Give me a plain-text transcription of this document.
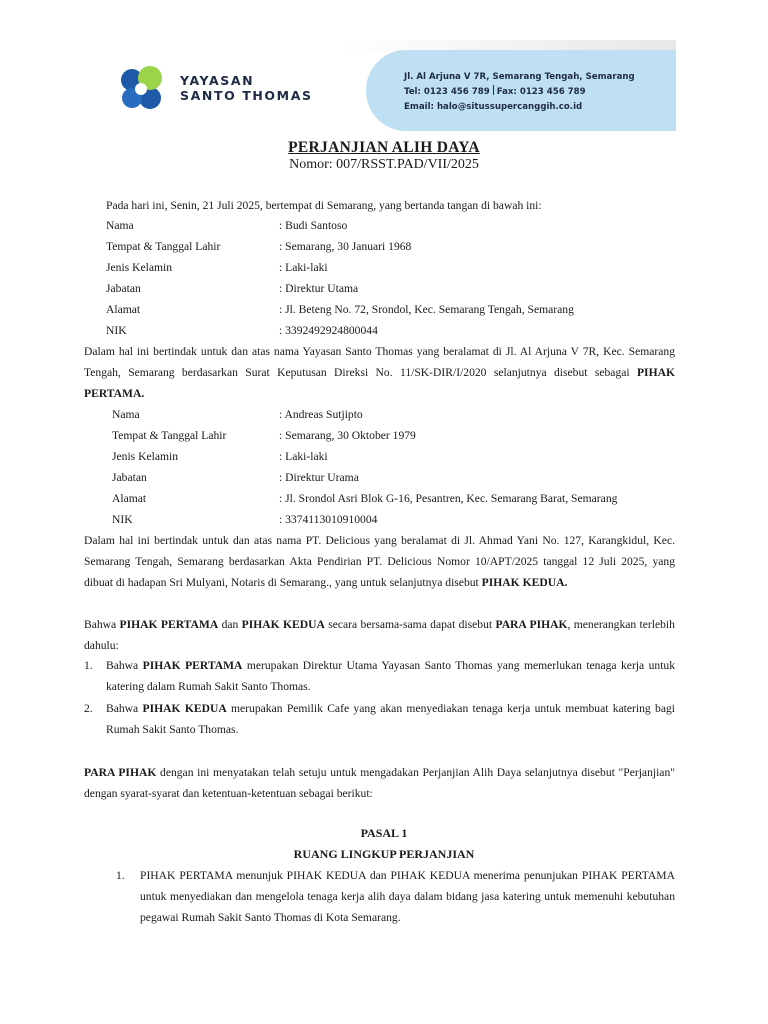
YAYASAN
SANTO THOMAS
Jl. Al Arjuna V 7R, Semarang Tengah, Semarang
Tel: 0123 456 789 Fax: 0123 456 789
Email: halo@situssupercanggih.co.id
PERJANJIAN ALIH DAYA
Nomor: 007/RSST.PAD/VII/2025
Pada hari ini, Senin, 21 Juli 2025, bertempat di Semarang, yang bertanda tangan di bawah ini:
Nama	: Budi Santoso
Tempat & Tanggal Lahir	: Semarang, 30 Januari 1968
Jenis Kelamin	: Laki-laki
Jabatan	: Direktur Utama
Alamat	: Jl. Beteng No. 72, Srondol, Kec. Semarang Tengah, Semarang
NIK	: 3392492924800044
Dalam hal ini bertindak untuk dan atas nama Yayasan Santo Thomas yang beralamat di Jl. Al Arjuna V 7R, Kec. Semarang Tengah, Semarang berdasarkan Surat Keputusan Direksi No. 11/SK-DIR/I/2020 selanjutnya disebut sebagai PIHAK PERTAMA.
Nama	: Andreas Sutjipto
Tempat & Tanggal Lahir	: Semarang, 30 Oktober 1979
Jenis Kelamin	: Laki-laki
Jabatan	: Direktur Urama
Alamat	: Jl. Srondol Asri Blok G-16, Pesantren, Kec. Semarang Barat, Semarang
NIK	: 3374113010910004
Dalam hal ini bertindak untuk dan atas nama PT. Delicious yang beralamat di Jl. Ahmad Yani No. 127, Karangkidul, Kec. Semarang Tengah, Semarang berdasarkan Akta Pendirian PT. Delicious Nomor 10/APT/2025 tanggal 12 Juli 2025, yang dibuat di hadapan Sri Mulyani, Notaris di Semarang., yang untuk selanjutnya disebut PIHAK KEDUA.
Bahwa PIHAK PERTAMA dan PIHAK KEDUA secara bersama-sama dapat disebut PARA PIHAK, menerangkan terlebih dahulu:
1. Bahwa PIHAK PERTAMA merupakan Direktur Utama Yayasan Santo Thomas yang memerlukan tenaga kerja untuk katering dalam Rumah Sakit Santo Thomas.
2. Bahwa PIHAK KEDUA merupakan Pemilik Cafe yang akan menyediakan tenaga kerja untuk membuat katering bagi Rumah Sakit Santo Thomas.
PARA PIHAK dengan ini menyatakan telah setuju untuk mengadakan Perjanjian Alih Daya selanjutnya disebut "Perjanjian" dengan syarat-syarat dan ketentuan-ketentuan sebagai berikut:
PASAL 1
RUANG LINGKUP PERJANJIAN
1. PIHAK PERTAMA menunjuk PIHAK KEDUA dan PIHAK KEDUA menerima penunjukan PIHAK PERTAMA untuk menyediakan dan mengelola tenaga kerja alih daya dalam bidang jasa katering untuk memenuhi kebutuhan pegawai Rumah Sakit Santo Thomas di Kota Semarang.
